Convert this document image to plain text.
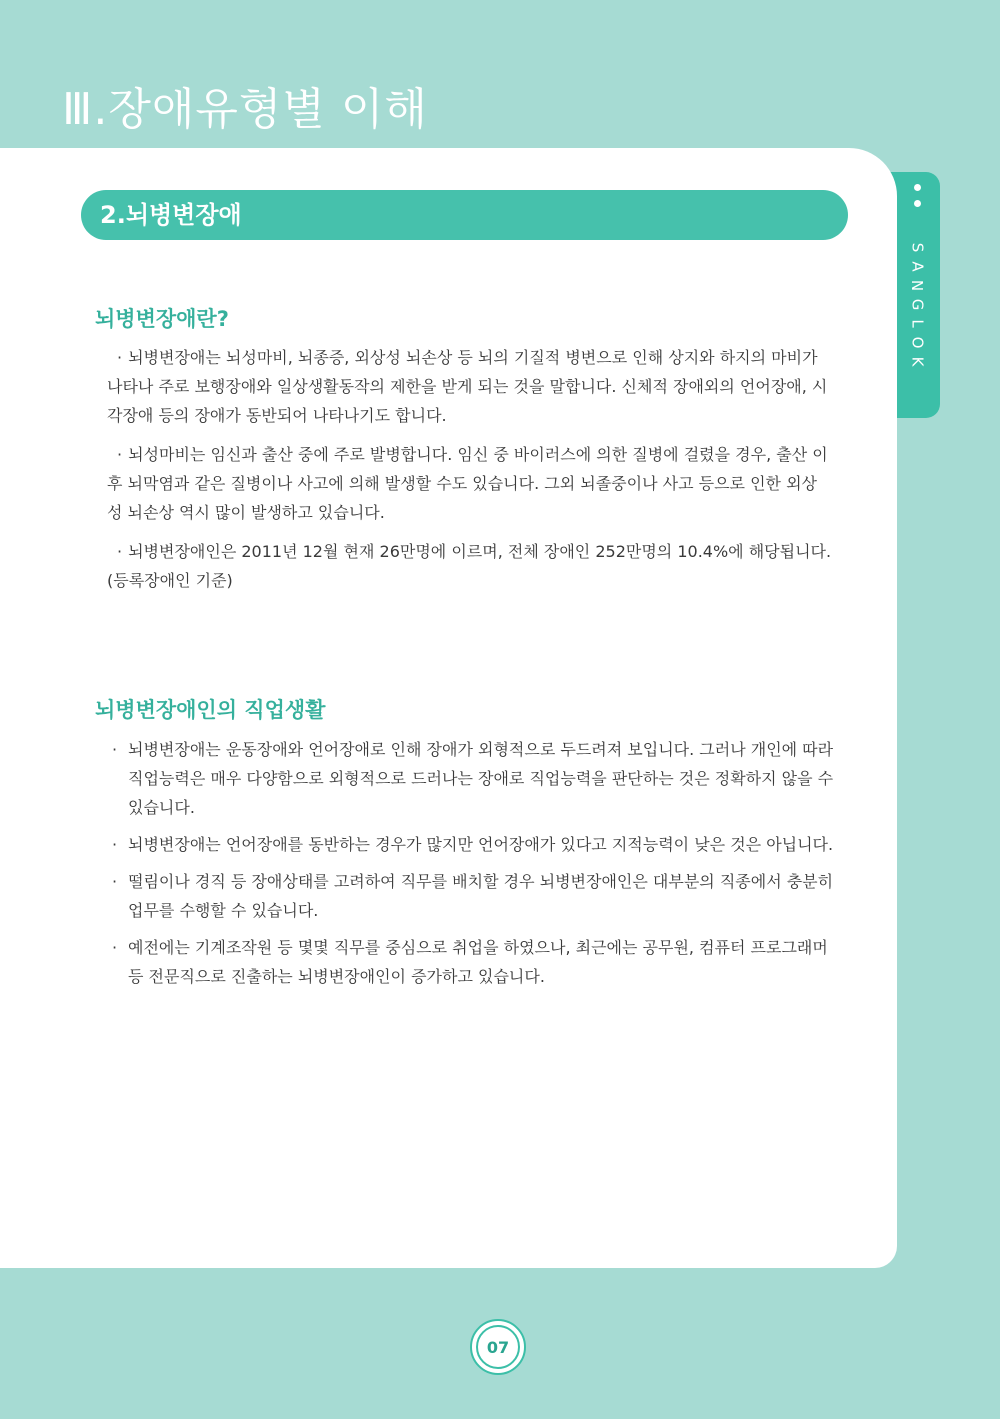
Ⅲ.장애유형별 이해
S
A
N
G
L
O
K
2.뇌병변장애
뇌병변장애란?

· 뇌병변장애는 뇌성마비, 뇌종증, 외상성 뇌손상 등 뇌의 기질적 병변으로 인해 상지와 하지의 마비가 나타나 주로 보행장애와 일상생활동작의 제한을 받게 되는 것을 말합니다. 신체적 장애외의 언어장애, 시각장애 등의 장애가 동반되어 나타나기도 합니다.

· 뇌성마비는 임신과 출산 중에 주로 발병합니다. 임신 중 바이러스에 의한 질병에 걸렸을 경우, 출산 이후 뇌막염과 같은 질병이나 사고에 의해 발생할 수도 있습니다. 그외 뇌졸중이나 사고 등으로 인한 외상성 뇌손상 역시 많이 발생하고 있습니다.

· 뇌병변장애인은 2011년 12월 현재 26만명에 이르며, 전체 장애인 252만명의 10.4%에 해당됩니다.(등록장애인 기준)

뇌병변장애인의 직업생활
· 뇌병변장애는 운동장애와 언어장애로 인해 장애가 외형적으로 두드려져 보입니다. 그러나 개인에 따라 직업능력은 매우 다양함으로 외형적으로 드러나는 장애로 직업능력을 판단하는 것은 정확하지 않을 수 있습니다.
· 뇌병변장애는 언어장애를 동반하는 경우가 많지만 언어장애가 있다고 지적능력이 낮은 것은 아닙니다.
· 떨림이나 경직 등 장애상태를 고려하여 직무를 배치할 경우 뇌병변장애인은 대부분의 직종에서 충분히 업무를 수행할 수 있습니다.
· 예전에는 기계조작원 등 몇몇 직무를 중심으로 취업을 하였으나, 최근에는 공무원, 컴퓨터 프로그래머 등 전문직으로 진출하는 뇌병변장애인이 증가하고 있습니다.
07
